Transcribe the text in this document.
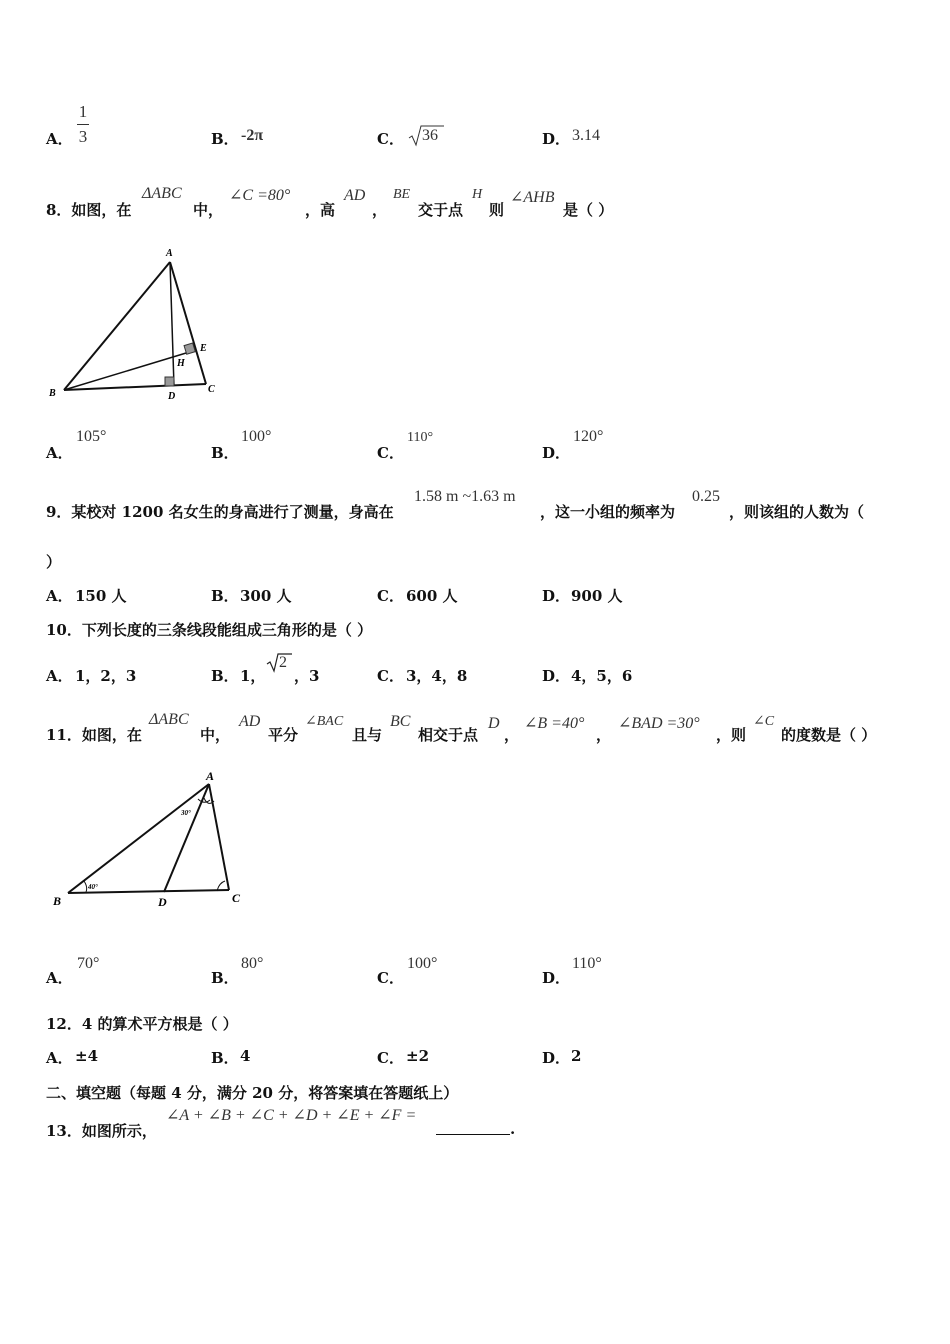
A．
1
3	B． -2π	C． 36	D． 3.14
8．如图，在
ΔABC
中，
∠C =80°
，高
AD
，
BE
交于点
H
则
∠AHB
是（ ）
A
B	C
D
E
H
A．
105°
B．
100°
C．
110°
D．
120°
9．某校对 1200 名女生的身高进行了测量，身高在
1.58 m ~1.63 m
，这一小组的频率为
0.25
，则该组的人数为（
）
A． 150 人	B． 300 人	C． 600 人	D． 900 人
10．下列长度的三条线段能组成三角形的是（ ）
A． 1，2，3	B． 1，
2
，3	C． 3，4，8	D． 4，5，6
11．如图，在
ΔABC
中，
AD
平分
∠BAC
且与
BC
相交于点
D
，
∠B =40°
，
∠BAD =30°
，则
∠C
的度数是（ ）
A
B	C
D
30°
40°
A．
70°
B．
80°
C．
100°
D．
110°
12．4 的算术平方根是（ ）
A． ±4	B． 4	C． ±2	D． 2
二、填空题（每题 4 分，满分 20 分，将答案填在答题纸上）
13．如图所示，
∠A + ∠B + ∠C + ∠D + ∠E + ∠F =
.
